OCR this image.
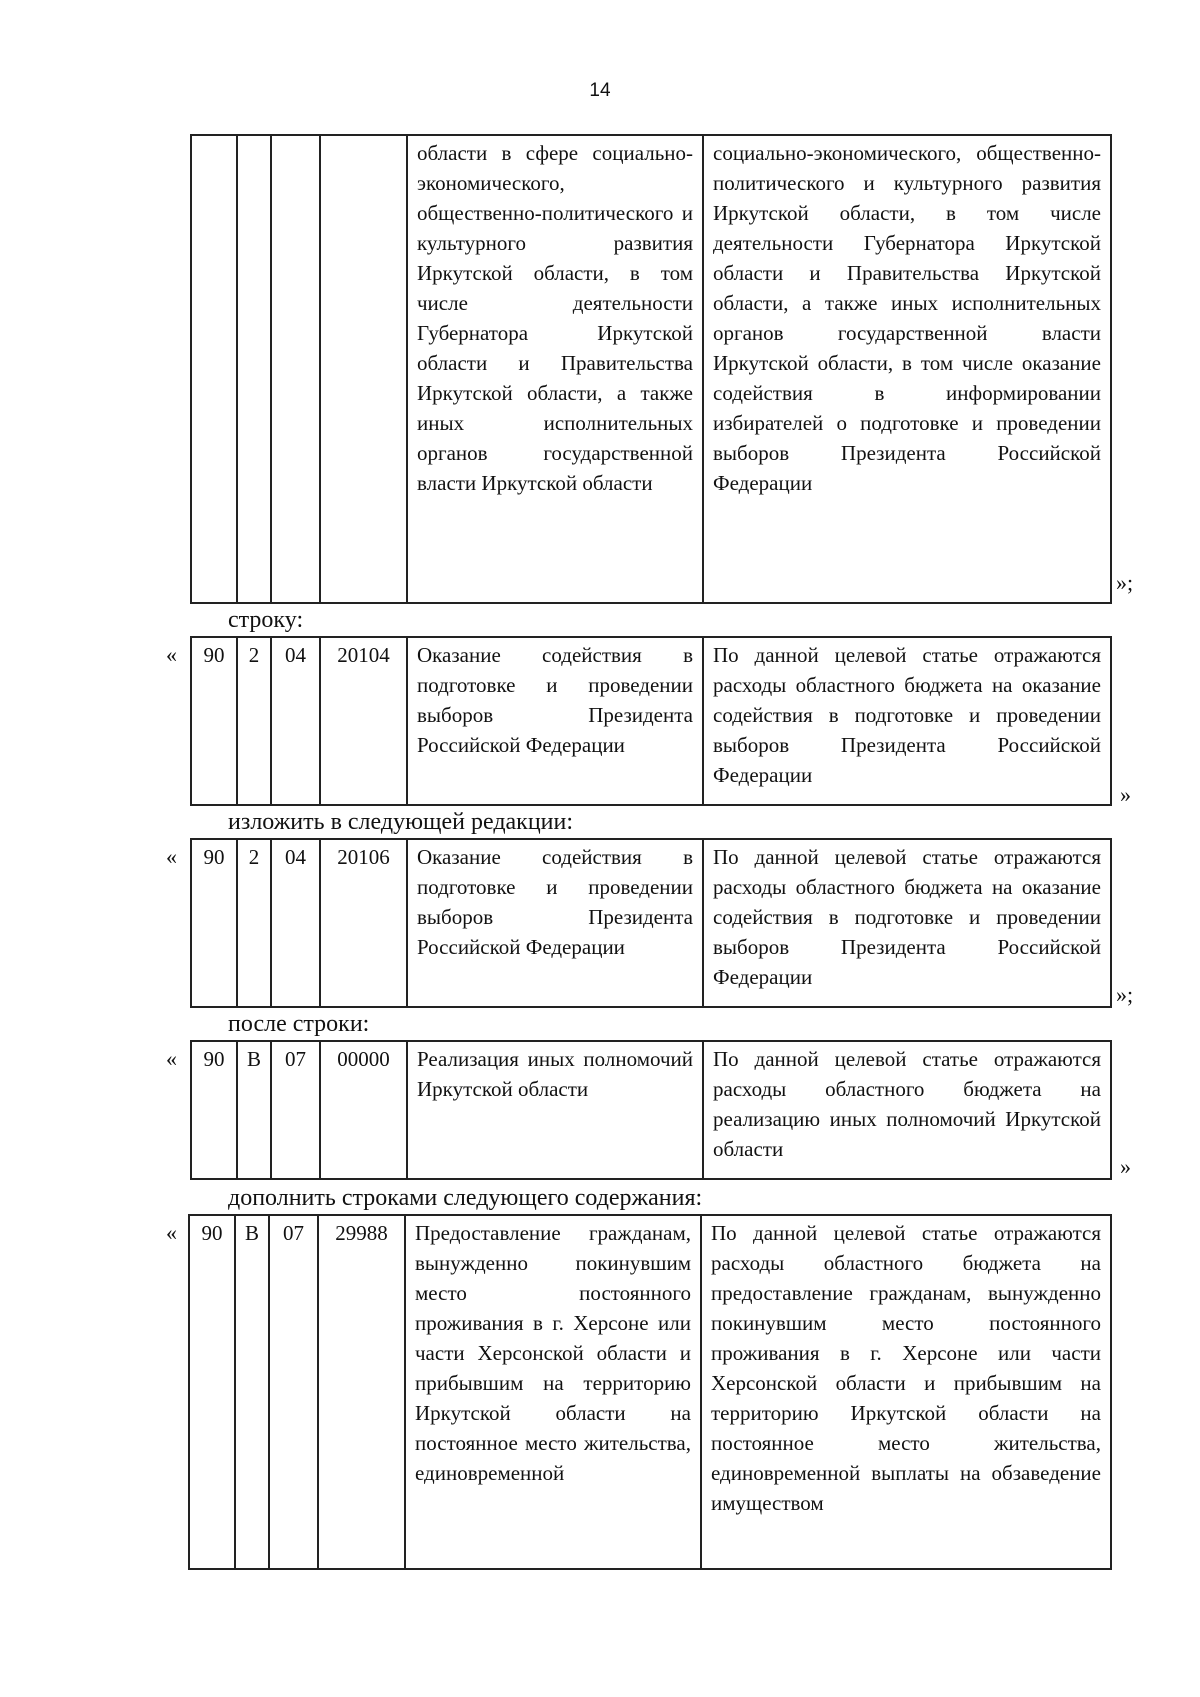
14
				области в сфере социально-экономического, общественно-политического и культурного развития Иркутской области, в том числе деятельности Губернатора Иркутской области и Правительства Иркутской области, а также иных исполнительных органов государственной власти Иркутской области	социально-экономического, общественно-политического и культурного развития Иркутской области, в том числе деятельности Губернатора Иркутской области и Правительства Иркутской области, а также иных исполнительных органов государственной власти Иркутской области, в том числе оказание содействия в информировании избирателей о подготовке и проведении выборов Президента Российской Федерации
»;
строку:
« 90	2	04	20104	Оказание содействия в подготовке и проведении выборов Президента Российской Федерации	По данной целевой статье отражаются расходы областного бюджета на оказание содействия в подготовке и проведении выборов Президента Российской Федерации
»
изложить в следующей редакции:
« 90	2	04	20106	Оказание содействия в подготовке и проведении выборов Президента Российской Федерации	По данной целевой статье отражаются расходы областного бюджета на оказание содействия в подготовке и проведении выборов Президента Российской Федерации
»;
после строки:
« 90	В	07	00000	Реализация иных полномочий Иркутской области	По данной целевой статье отражаются расходы областного бюджета на реализацию иных полномочий Иркутской области
»
дополнить строками следующего содержания:
« 90	В	07	29988	Предоставление гражданам, вынужденно покинувшим место постоянного проживания в г. Херсоне или части Херсонской области и прибывшим на территорию Иркутской области на постоянное место жительства, единовременной	По данной целевой статье отражаются расходы областного бюджета на предоставление гражданам, вынужденно покинувшим место постоянного проживания в г. Херсоне или части Херсонской области и прибывшим на территорию Иркутской области на постоянное место жительства, единовременной выплаты на обзаведение имуществом
